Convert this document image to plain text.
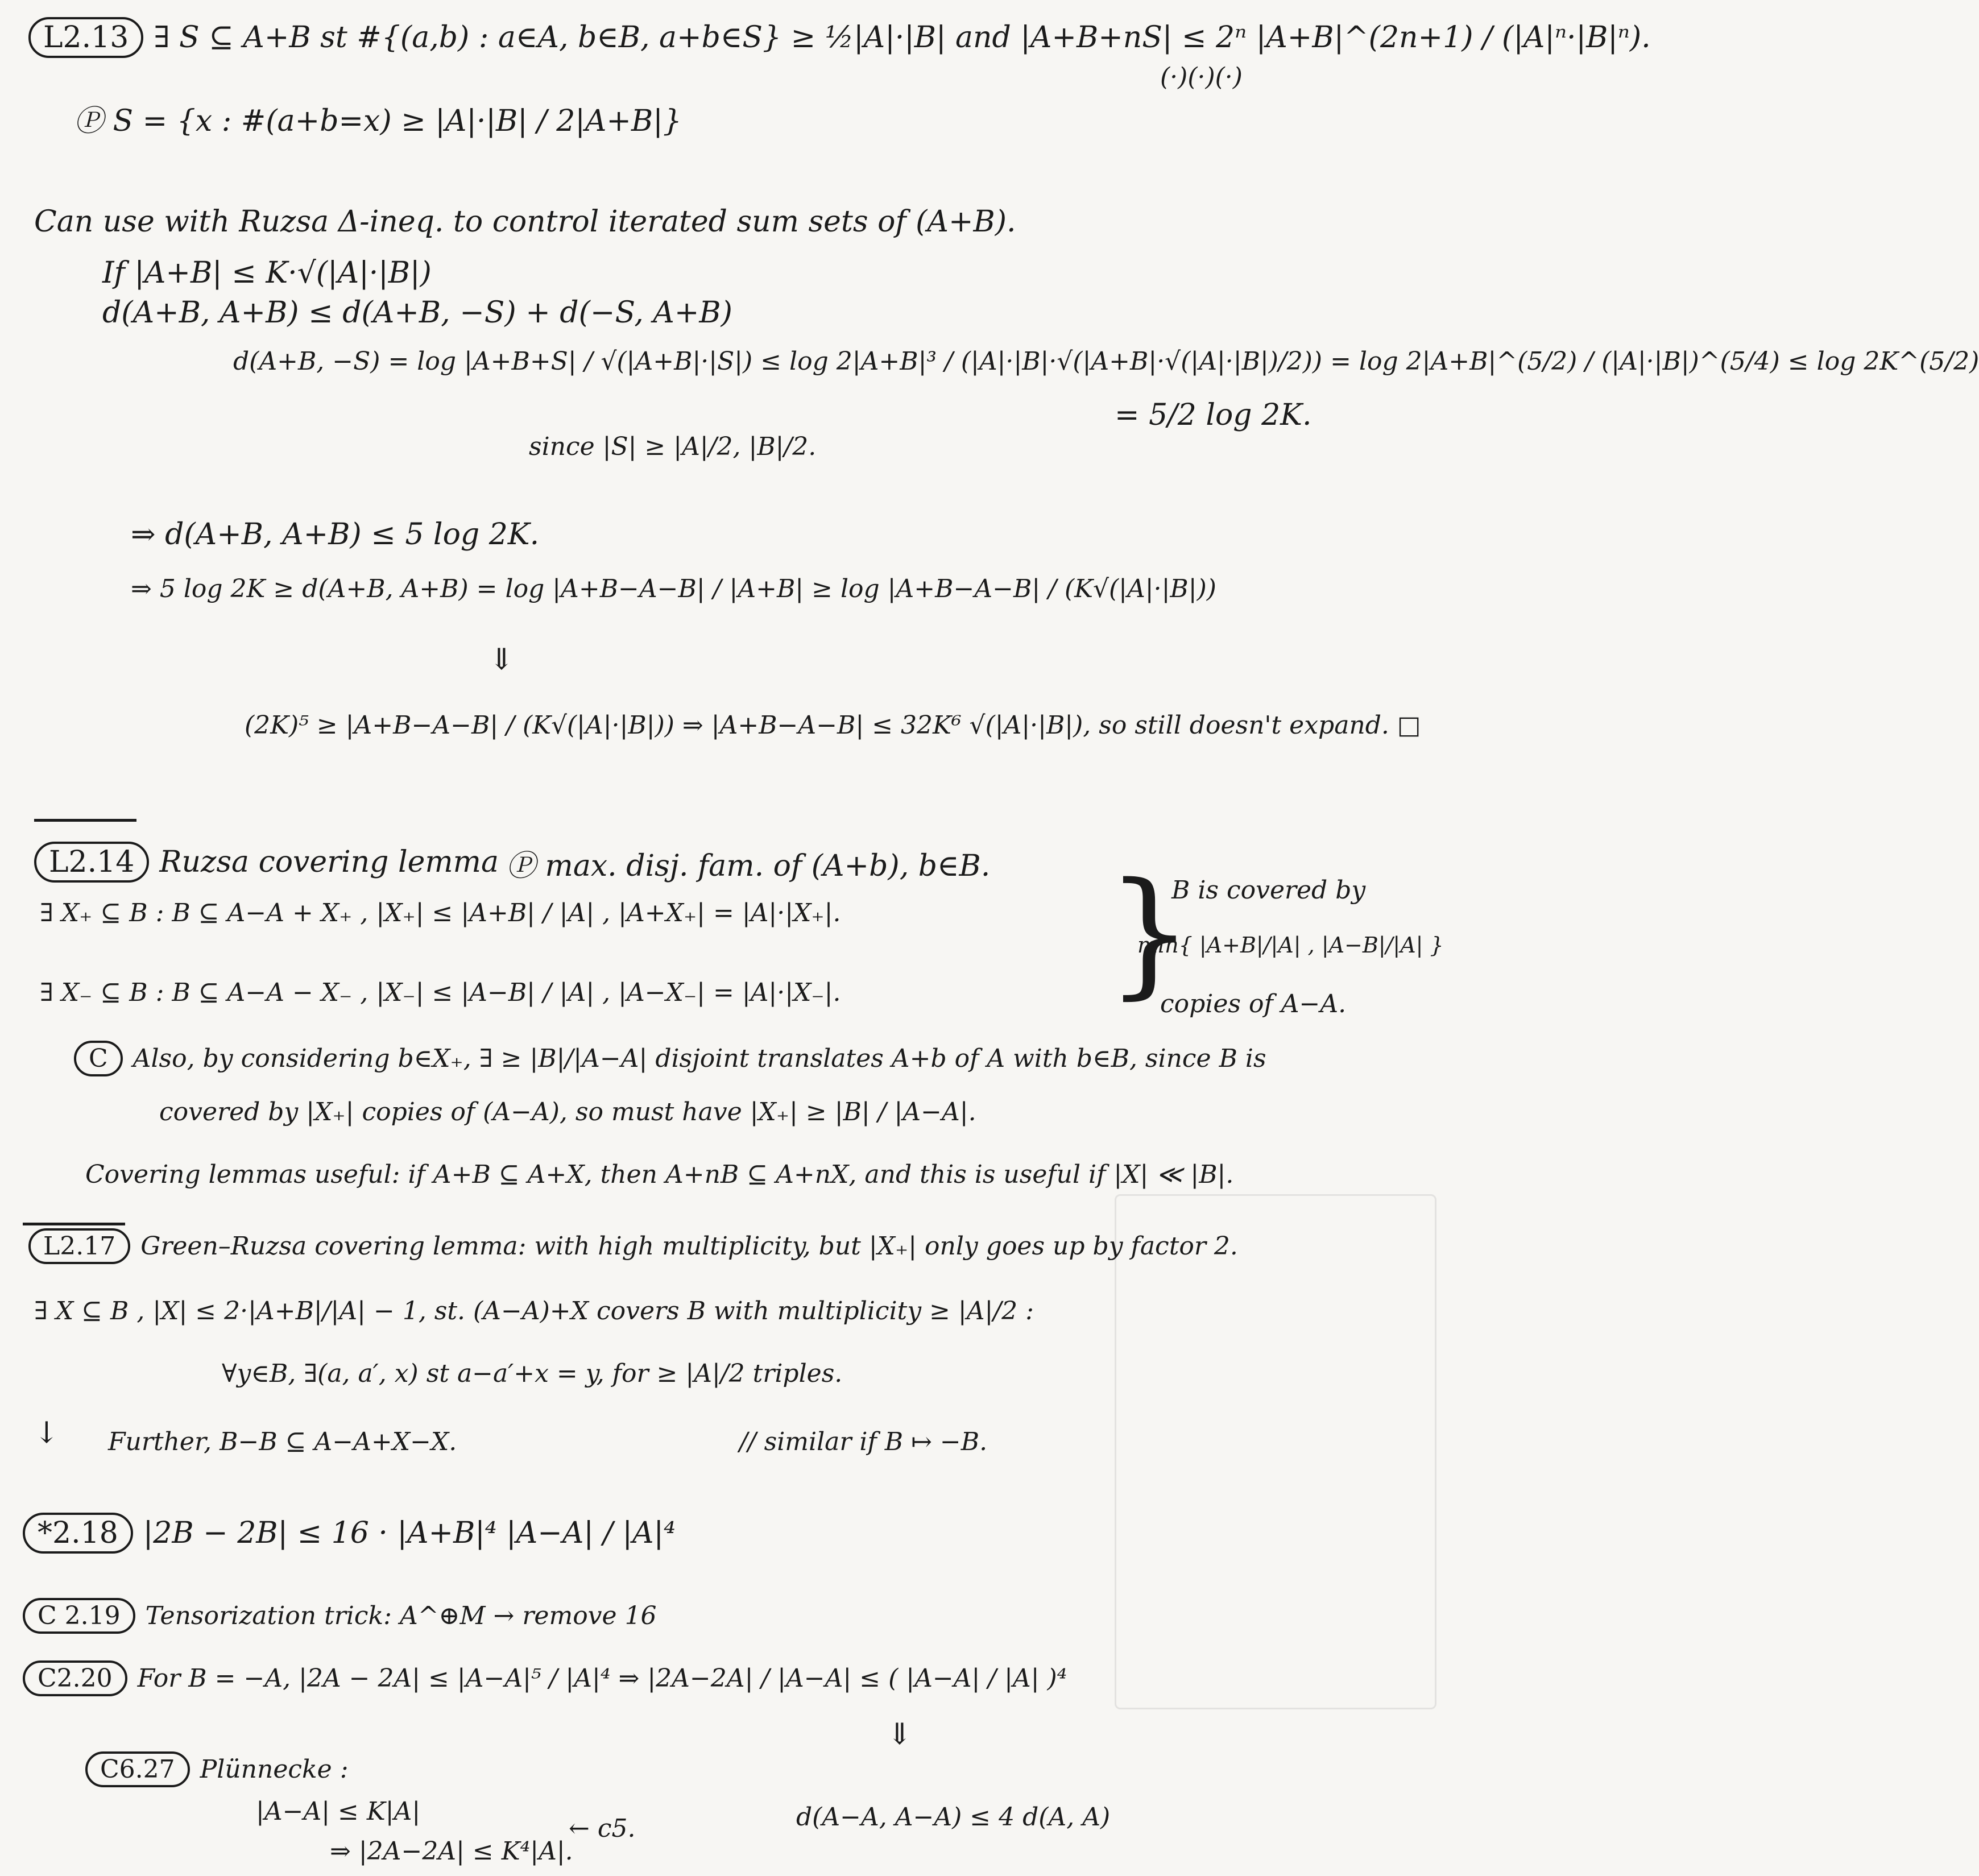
L2.13 ∃ S ⊆ A+B st #{(a,b) : a∈A, b∈B, a+b∈S} ≥ ½|A|·|B| and |A+B+nS| ≤ 2ⁿ |A+B|^(2n+1) / (|A|ⁿ·|B|ⁿ).
(·)(·)(·)
Ⓟ S = {x : #(a+b=x) ≥ |A|·|B| / 2|A+B|}
Can use with Ruzsa Δ-ineq. to control iterated sum sets of (A+B).
If |A+B| ≤ K·√(|A|·|B|)
d(A+B, A+B) ≤ d(A+B, −S) + d(−S, A+B)
d(A+B, −S) = log |A+B+S| / √(|A+B|·|S|) ≤ log 2|A+B|³ / (|A|·|B|·√(|A+B|·√(|A|·|B|)/2)) = log 2|A+B|^(5/2) / (|A|·|B|)^(5/4) ≤ log 2K^(5/2)
since |S| ≥ |A|/2, |B|/2.
= 5/2 log 2K.
⇒ d(A+B, A+B) ≤ 5 log 2K.
⇒ 5 log 2K ≥ d(A+B, A+B) = log |A+B−A−B| / |A+B| ≥ log |A+B−A−B| / (K√(|A|·|B|))
⇓
(2K)⁵ ≥ |A+B−A−B| / (K√(|A|·|B|)) ⇒ |A+B−A−B| ≤ 32K⁶ √(|A|·|B|), so still doesn't expand. □
L2.14 Ruzsa covering lemma Ⓟ max. disj. fam. of (A+b), b∈B.
∃ X₊ ⊆ B : B ⊆ A−A + X₊ , |X₊| ≤ |A+B| / |A| , |A+X₊| = |A|·|X₊|.
∃ X₋ ⊆ B : B ⊆ A−A − X₋ , |X₋| ≤ |A−B| / |A| , |A−X₋| = |A|·|X₋|. }
B is covered by
min{ |A+B|/|A| , |A−B|/|A| }
copies of A−A.
C Also, by considering b∈X₊, ∃ ≥ |B|/|A−A| disjoint translates A+b of A with b∈B, since B is
covered by |X₊| copies of (A−A), so must have |X₊| ≥ |B| / |A−A|.
Covering lemmas useful: if A+B ⊆ A+X, then A+nB ⊆ A+nX, and this is useful if |X| ≪ |B|.
L2.17 Green–Ruzsa covering lemma: with high multiplicity, but |X₊| only goes up by factor 2.
∃ X ⊆ B , |X| ≤ 2·|A+B|/|A| − 1, st. (A−A)+X covers B with multiplicity ≥ |A|/2 :
∀y∈B, ∃(a, a′, x) st a−a′+x = y, for ≥ |A|/2 triples.
↓ Further, B−B ⊆ A−A+X−X.	// similar if B ↦ −B.
*2.18 |2B − 2B| ≤ 16 · |A+B|⁴ |A−A| / |A|⁴
C 2.19 Tensorization trick: A^⊕M → remove 16
C2.20 For B = −A, |2A − 2A| ≤ |A−A|⁵ / |A|⁴ ⇒ |2A−2A| / |A−A| ≤ ( |A−A| / |A| )⁴
⇓
C6.27 Plünnecke :
|A−A| ≤ K|A|
⇒ |2A−2A| ≤ K⁴|A|.
← c5.	d(A−A, A−A) ≤ 4 d(A, A)
